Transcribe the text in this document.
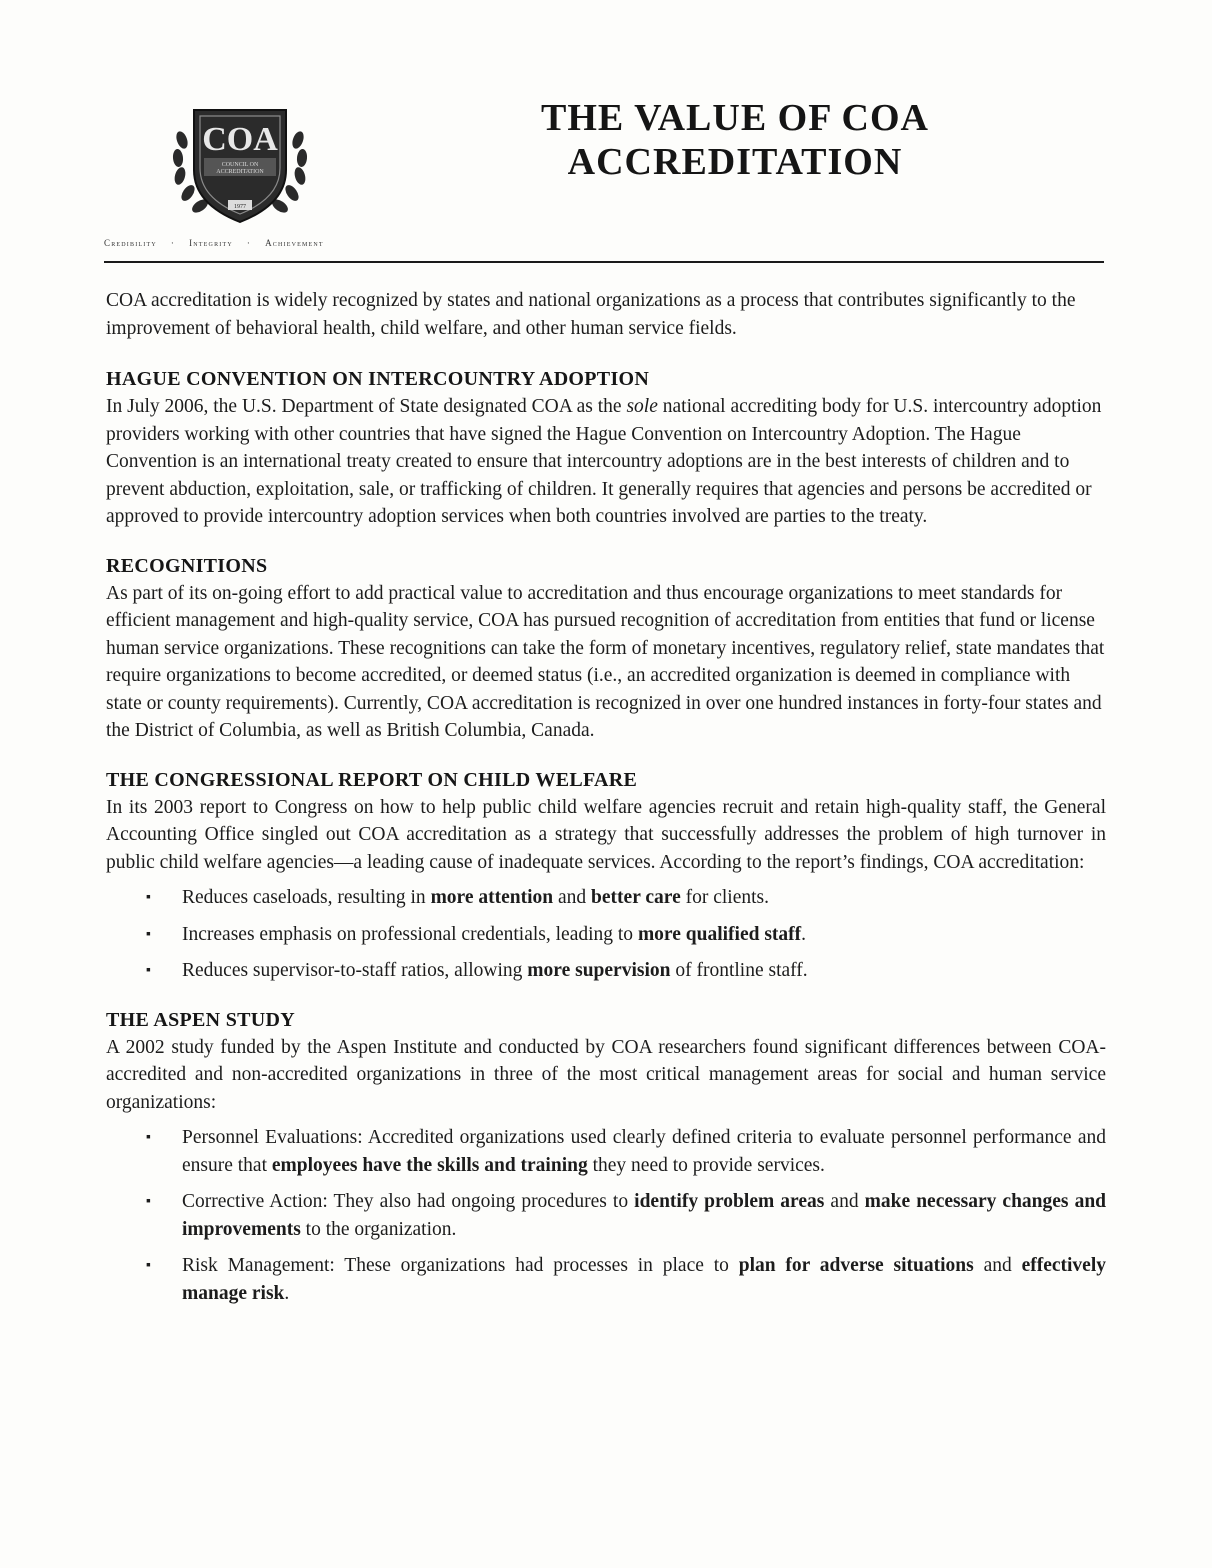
COA
COUNCIL ON
ACCREDITATION
1977
Credibility · Integrity · Achievement
THE VALUE OF COA
ACCREDITATION

COA accreditation is widely recognized by states and national organizations as a process that contributes significantly to the improvement of behavioral health, child welfare, and other human service fields.

HAGUE CONVENTION ON INTERCOUNTRY ADOPTION

In July 2006, the U.S. Department of State designated COA as the sole national accrediting body for U.S. intercountry adoption providers working with other countries that have signed the Hague Convention on Intercountry Adoption. The Hague Convention is an international treaty created to ensure that intercountry adoptions are in the best interests of children and to prevent abduction, exploitation, sale, or trafficking of children. It generally requires that agencies and persons be accredited or approved to provide intercountry adoption services when both countries involved are parties to the treaty.

RECOGNITIONS

As part of its on-going effort to add practical value to accreditation and thus encourage organizations to meet standards for efficient management and high-quality service, COA has pursued recognition of accreditation from entities that fund or license human service organizations. These recognitions can take the form of monetary incentives, regulatory relief, state mandates that require organizations to become accredited, or deemed status (i.e., an accredited organization is deemed in compliance with state or county requirements). Currently, COA accreditation is recognized in over one hundred instances in forty-four states and the District of Columbia, as well as British Columbia, Canada.

THE CONGRESSIONAL REPORT ON CHILD WELFARE

In its 2003 report to Congress on how to help public child welfare agencies recruit and retain high-quality staff, the General Accounting Office singled out COA accreditation as a strategy that successfully addresses the problem of high turnover in public child welfare agencies—a leading cause of inadequate services. According to the report’s findings, COA accreditation:

▪ Reduces caseloads, resulting in more attention and better care for clients.
▪ Increases emphasis on professional credentials, leading to more qualified staff.
▪ Reduces supervisor-to-staff ratios, allowing more supervision of frontline staff.
THE ASPEN STUDY

A 2002 study funded by the Aspen Institute and conducted by COA researchers found significant differences between COA-accredited and non-accredited organizations in three of the most critical management areas for social and human service organizations:

▪ Personnel Evaluations: Accredited organizations used clearly defined criteria to evaluate personnel performance and ensure that employees have the skills and training they need to provide services.
▪ Corrective Action: They also had ongoing procedures to identify problem areas and make necessary changes and improvements to the organization.
▪ Risk Management: These organizations had processes in place to plan for adverse situations and effectively manage risk.
